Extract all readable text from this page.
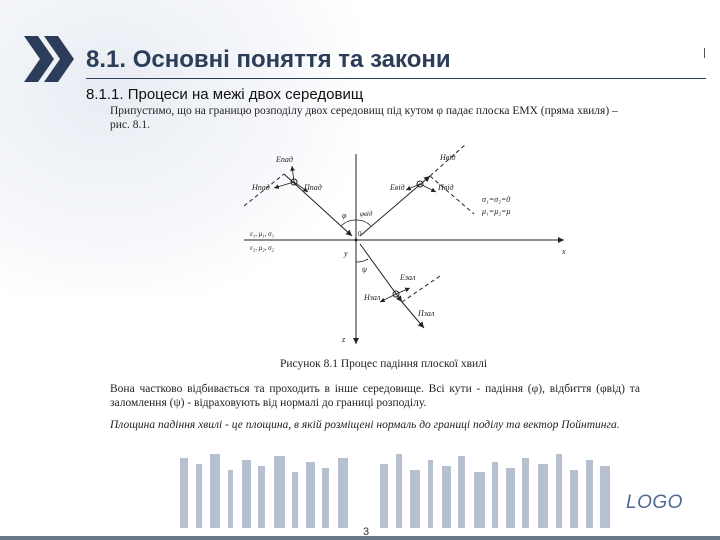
8.1. Основні поняття та закони
8.1.1. Процеси на межі двох середовищ
Припустимо, що на границю розподілу двох середовищ під кутом φ падає плоска ЕМХ (пряма хвиля) – рис. 8.1.
Eпад
Hпад	Ппад	Eвід
Hвід
Пвід
Eзал
Hзал
Пзал
φ φвід
ψ
ε₁, μ₁, σ₁
ε₂, μ₂, σ₂
σ₁=σ₂=0
μ₁=μ₂=μ
x
y
z
0
Рисунок 8.1 Процес падіння плоскої хвилі
Вона частково відбивається та проходить в інше середовище. Всі кути - падіння (φ), відбиття (φвід) та заломлення (ψ) - відраховують від нормалі до границі розподілу.
Площина падіння хвилі - це площина, в якій розміщені нормаль до границі поділу та вектор Пойнтинга.
LOGO
3
